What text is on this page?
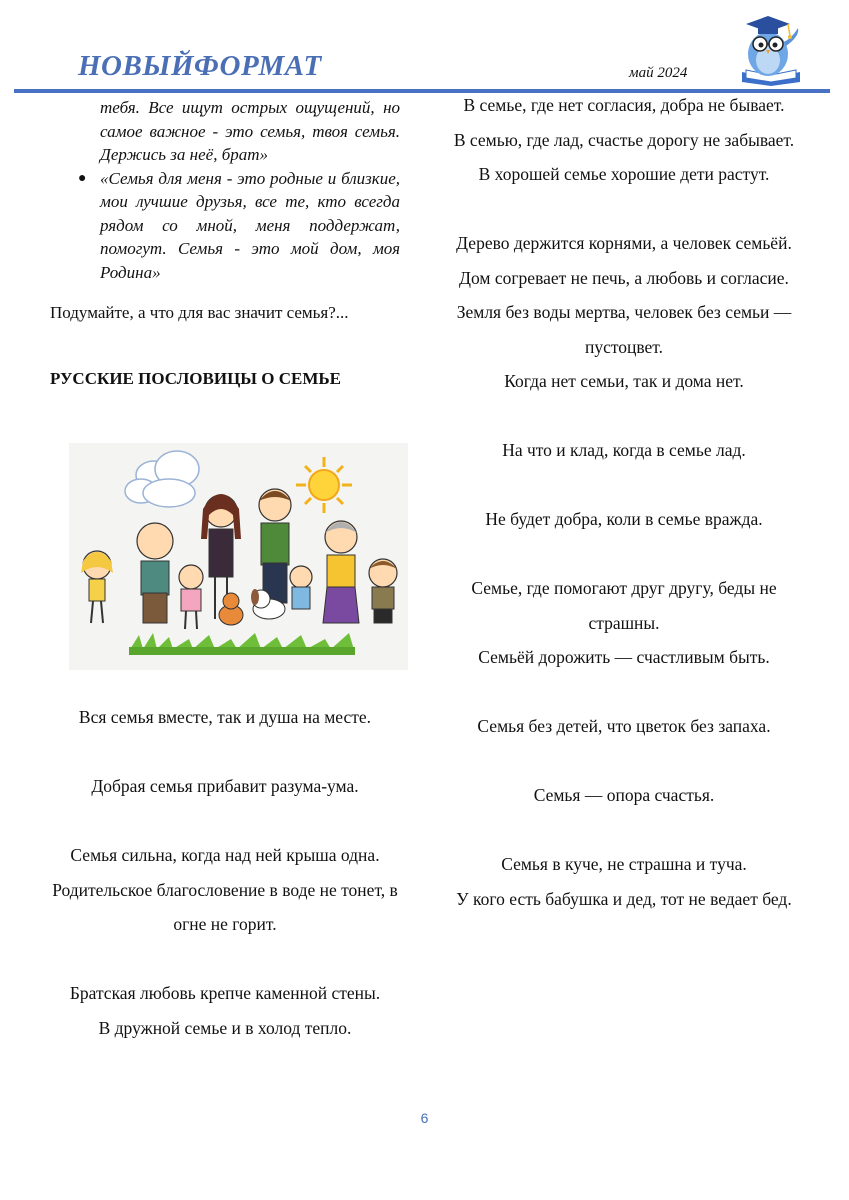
НОВЫЙФОРМАТ	май 2024
тебя. Все ищут острых ощущений, но самое важное - это семья, твоя семья. Держись за неё, брат»
● «Семья для меня - это родные и близкие, мои лучшие друзья, все те, кто всегда рядом со мной, меня поддержат, помогут. Семья - это мой дом, моя Родина»

Подумайте, а что для вас значит семья?...

РУССКИЕ ПОСЛОВИЦЫ О СЕМЬЕ

Вся семья вместе, так и душа на месте.

Добрая семья прибавит разума-ума.

Семья сильна, когда над ней крыша одна.

Родительское благословение в воде не тонет, в огне не горит.

Братская любовь крепче каменной стены.

В дружной семье и в холод тепло.

В семье, где нет согласия, добра не бывает.

В семью, где лад, счастье дорогу не забывает.

В хорошей семье хорошие дети растут.

Дерево держится корнями, а человек семьёй.

Дом согревает не печь, а любовь и согласие.

Земля без воды мертва, человек без семьи — пустоцвет.

Когда нет семьи, так и дома нет.

На что и клад, когда в семье лад.

Не будет добра, коли в семье вражда.

Семье, где помогают друг другу, беды не страшны.

Семьёй дорожить — счастливым быть.

Семья без детей, что цветок без запаха.

Семья — опора счастья.

Семья в куче, не страшна и туча.

У кого есть бабушка и дед, тот не ведает бед.

6
